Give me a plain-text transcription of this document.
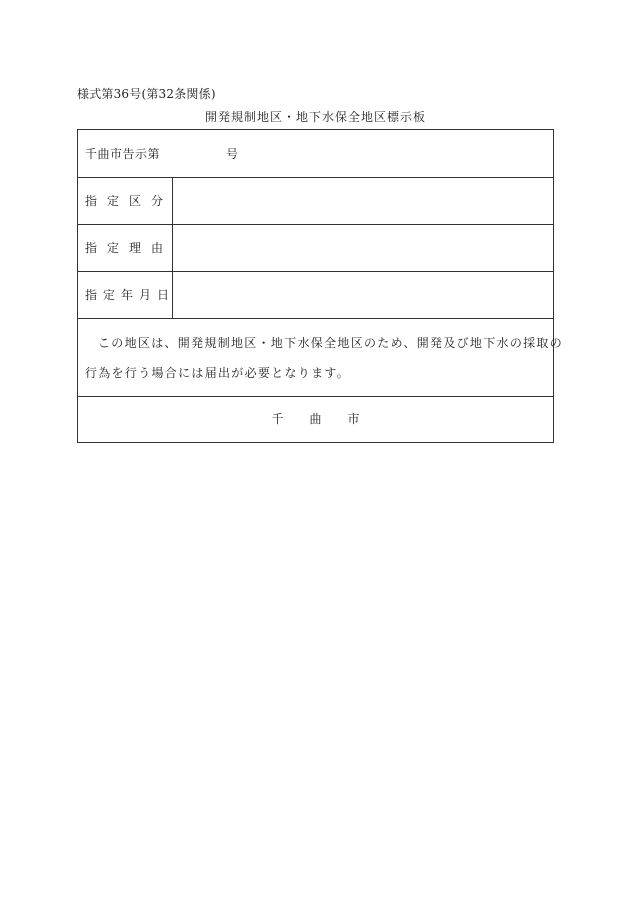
様式第36号(第32条関係)
開発規制地区・地下水保全地区標示板
千曲市告示第	号
指定区分
指定理由
指定年月日
この地区は、開発規制地区・地下水保全地区のため、開発及び地下水の採取の
行為を行う場合には届出が必要となります。
千曲市
